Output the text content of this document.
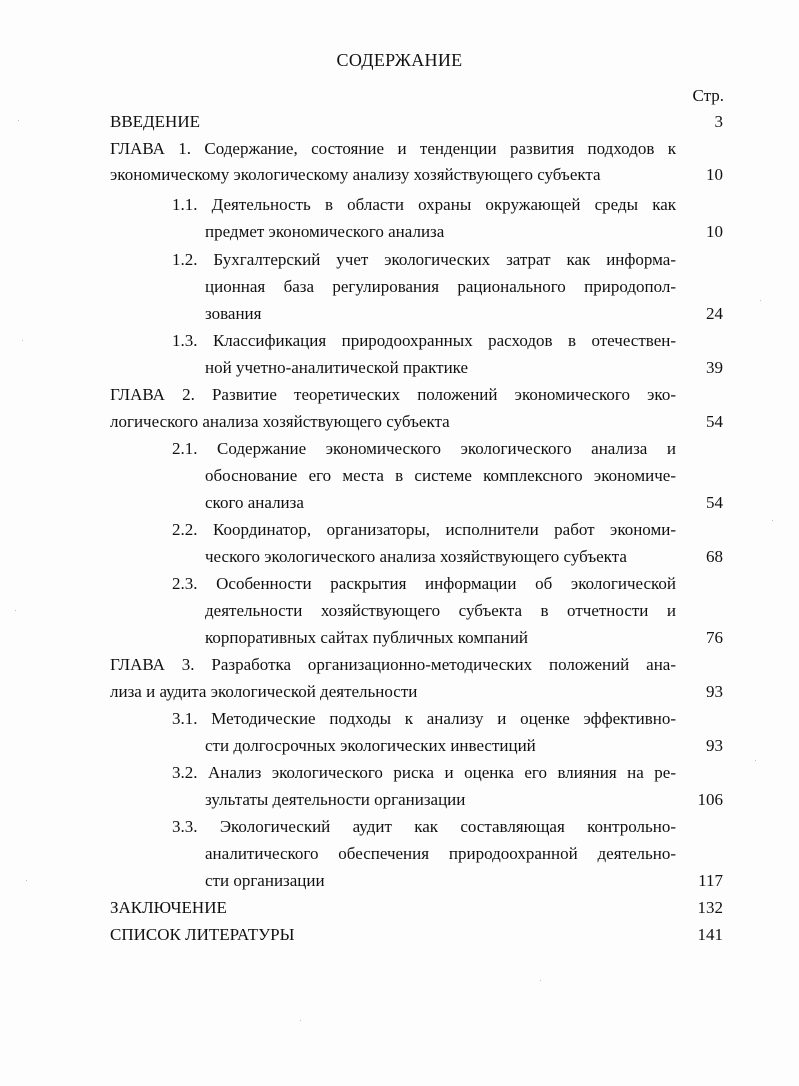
СОДЕРЖАНИЕ
Стр.
ВВЕДЕНИЕ	3
ГЛАВА 1. Содержание, состояние и тенденции развития подходов к
экономическому экологическому анализу хозяйствующего субъекта	10
1.1. Деятельность в области охраны окружающей среды как
предмет экономического анализа	10
1.2. Бухгалтерский учет экологических затрат как информа-
ционная база регулирования рационального природопол-
зования	24
1.3. Классификация природоохранных расходов в отечествен-
ной учетно-аналитической практике	39
ГЛАВА 2. Развитие теоретических положений экономического эко-
логического анализа хозяйствующего субъекта	54
2.1. Содержание экономического экологического анализа и
обоснование его места в системе комплексного экономиче-
ского анализа	54
2.2. Координатор, организаторы, исполнители работ экономи-
ческого экологического анализа хозяйствующего субъекта	68
2.3. Особенности раскрытия информации об экологической
деятельности хозяйствующего субъекта в отчетности и
корпоративных сайтах публичных компаний	76
ГЛАВА 3. Разработка организационно-методических положений ана-
лиза и аудита экологической деятельности	93
3.1. Методические подходы к анализу и оценке эффективно-
сти долгосрочных экологических инвестиций	93
3.2. Анализ экологического риска и оценка его влияния на ре-
зультаты деятельности организации	106
3.3. Экологический аудит как составляющая контрольно-
аналитического обеспечения природоохранной деятельно-
сти организации	117
ЗАКЛЮЧЕНИЕ	132
СПИСОК ЛИТЕРАТУРЫ	141
